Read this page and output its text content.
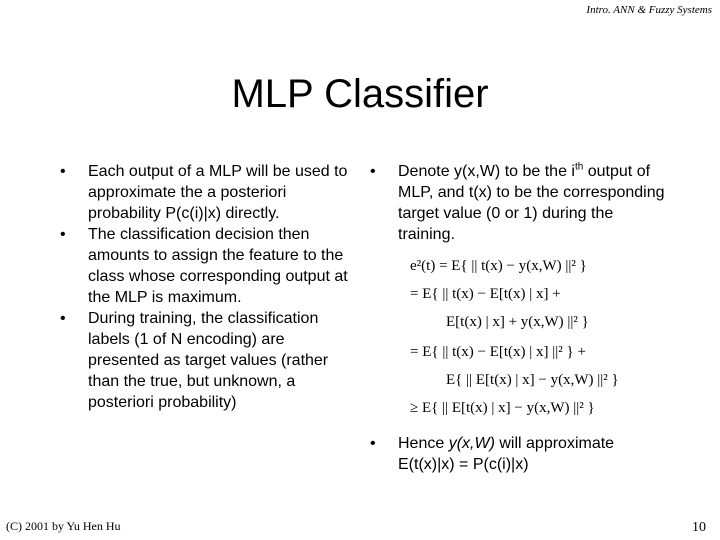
Intro. ANN & Fuzzy Systems
MLP Classifier
• Each output of a MLP will be used to approximate the a posteriori probability P(c(i)|x) directly.
• The classification decision then amounts to assign the feature to the class whose corresponding output at the MLP is maximum.
• During training, the classification labels (1 of N encoding) are presented as target values (rather than the true, but unknown, a posteriori probability)
• Denote y(x,W) to be the $i^{th}$ output of MLP, and t(x) to be the corresponding target value (0 or 1) during the training.
e²(t) = E{ || t(x) − y(x,W) ||² }
= E{ || t(x) − E[t(x) | x] +
E[t(x) | x] + y(x,W) ||² }
= E{ || t(x) − E[t(x) | x] ||² } +
E{ || E[t(x) | x] − y(x,W) ||² }
≥ E{ || E[t(x) | x] − y(x,W) ||² }
• Hence y(x,W) will approximate E(t(x)|x) = P(c(i)|x)
(C) 2001 by Yu Hen Hu	10
